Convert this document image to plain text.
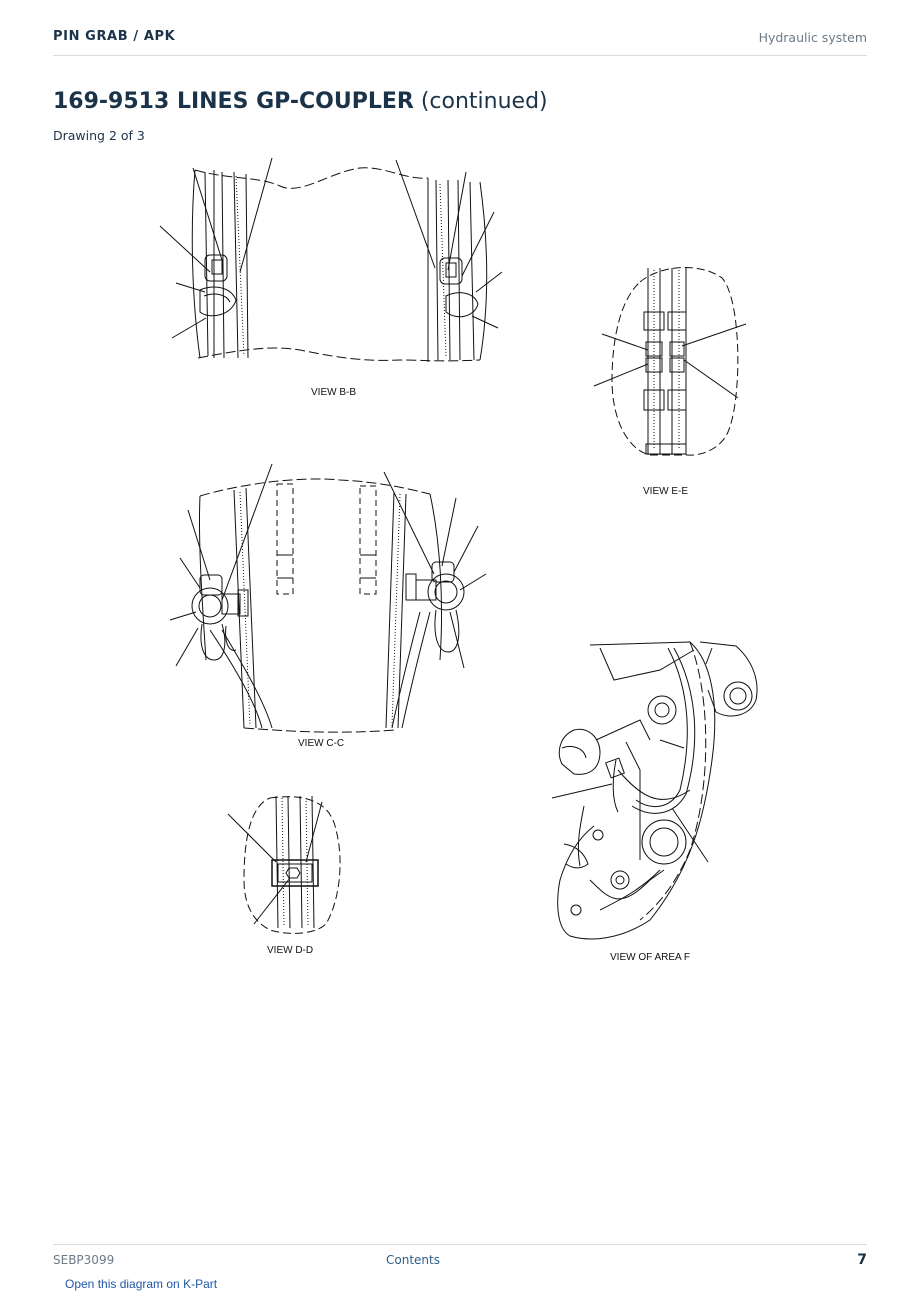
PIN GRAB / APK	Hydraulic system
169-9513 LINES GP-COUPLER (continued)
Drawing 2 of 3
VIEW B-B
VIEW E-E
VIEW C-C
VIEW D-D
VIEW OF AREA F
SEBP3099	Contents	7
Open this diagram on K-Part
